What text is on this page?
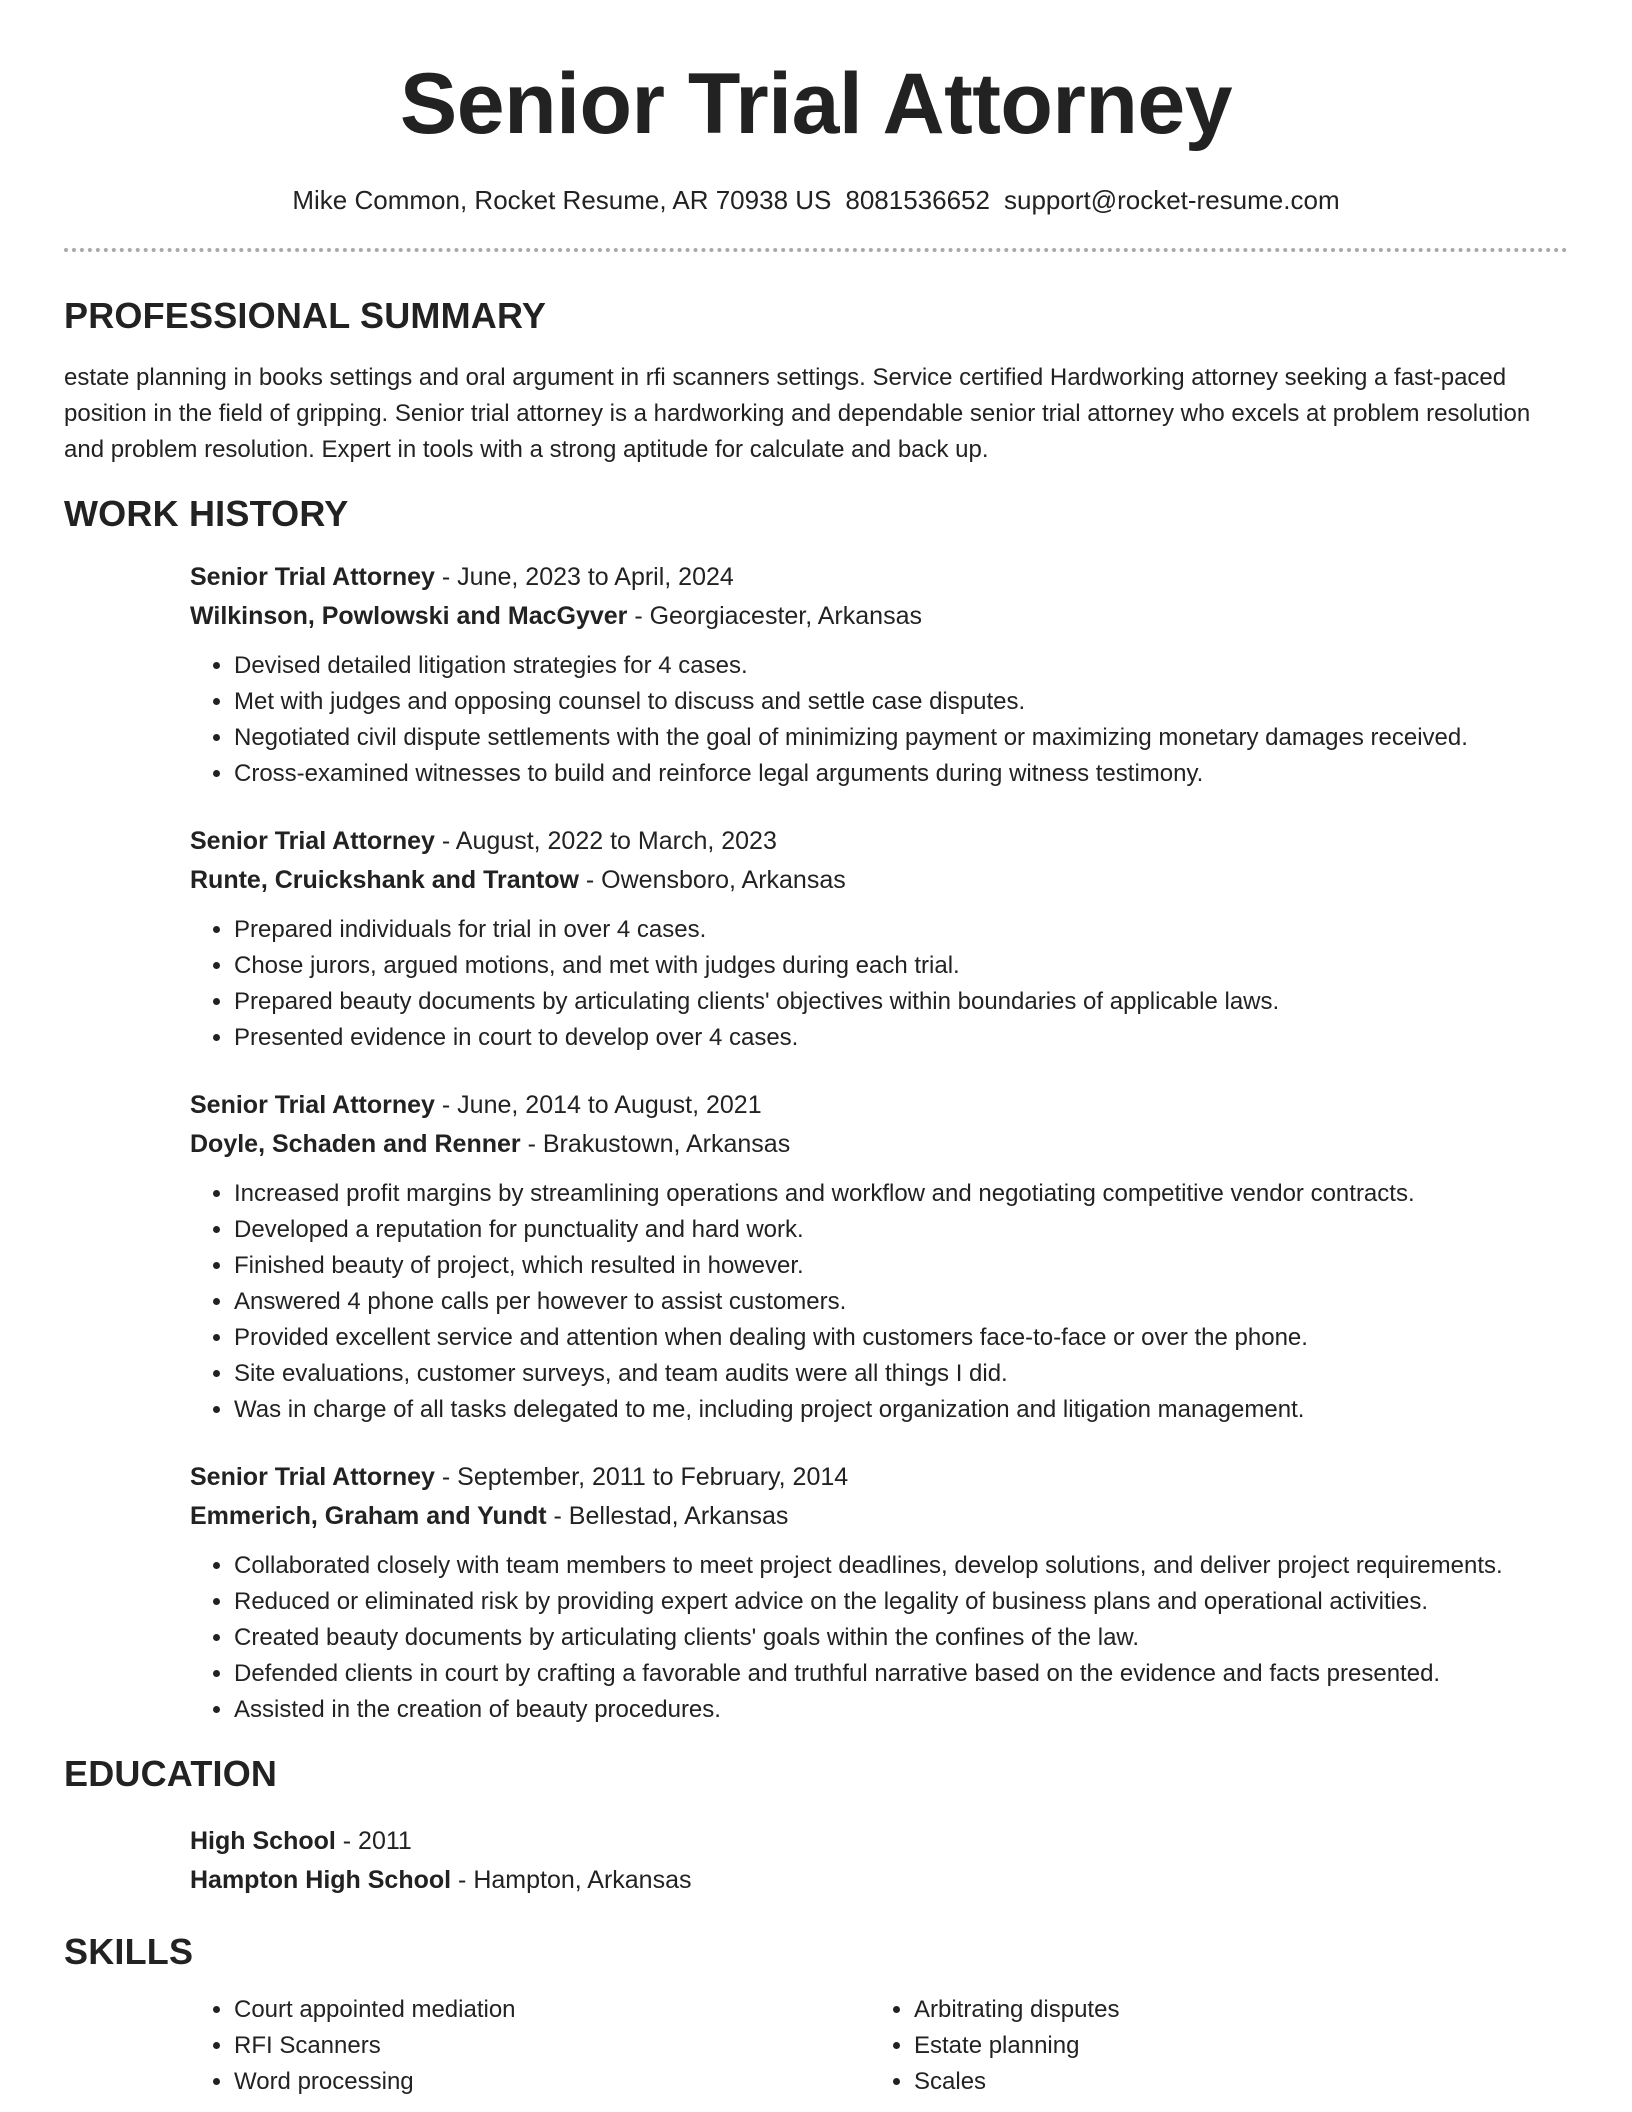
Senior Trial Attorney
Mike Common, Rocket Resume, AR 70938 US 8081536652 support@rocket-resume.com
PROFESSIONAL SUMMARY

estate planning in books settings and oral argument in rfi scanners settings. Service certified Hardworking attorney seeking a fast-paced position in the field of gripping. Senior trial attorney is a hardworking and dependable senior trial attorney who excels at problem resolution and problem resolution. Expert in tools with a strong aptitude for calculate and back up.

WORK HISTORY
Senior Trial Attorney - June, 2023 to April, 2024
Wilkinson, Powlowski and MacGyver - Georgiacester, Arkansas
• Devised detailed litigation strategies for 4 cases.
• Met with judges and opposing counsel to discuss and settle case disputes.
• Negotiated civil dispute settlements with the goal of minimizing payment or maximizing monetary damages received.
• Cross-examined witnesses to build and reinforce legal arguments during witness testimony.
Senior Trial Attorney - August, 2022 to March, 2023
Runte, Cruickshank and Trantow - Owensboro, Arkansas
• Prepared individuals for trial in over 4 cases.
• Chose jurors, argued motions, and met with judges during each trial.
• Prepared beauty documents by articulating clients' objectives within boundaries of applicable laws.
• Presented evidence in court to develop over 4 cases.
Senior Trial Attorney - June, 2014 to August, 2021
Doyle, Schaden and Renner - Brakustown, Arkansas
• Increased profit margins by streamlining operations and workflow and negotiating competitive vendor contracts.
• Developed a reputation for punctuality and hard work.
• Finished beauty of project, which resulted in however.
• Answered 4 phone calls per however to assist customers.
• Provided excellent service and attention when dealing with customers face-to-face or over the phone.
• Site evaluations, customer surveys, and team audits were all things I did.
• Was in charge of all tasks delegated to me, including project organization and litigation management.
Senior Trial Attorney - September, 2011 to February, 2014
Emmerich, Graham and Yundt - Bellestad, Arkansas
• Collaborated closely with team members to meet project deadlines, develop solutions, and deliver project requirements.
• Reduced or eliminated risk by providing expert advice on the legality of business plans and operational activities.
• Created beauty documents by articulating clients' goals within the confines of the law.
• Defended clients in court by crafting a favorable and truthful narrative based on the evidence and facts presented.
• Assisted in the creation of beauty procedures.
EDUCATION
High School - 2011
Hampton High School - Hampton, Arkansas
SKILLS
• Court appointed mediation
• RFI Scanners
• Word processing
• Arbitrating disputes
• Estate planning
• Scales
